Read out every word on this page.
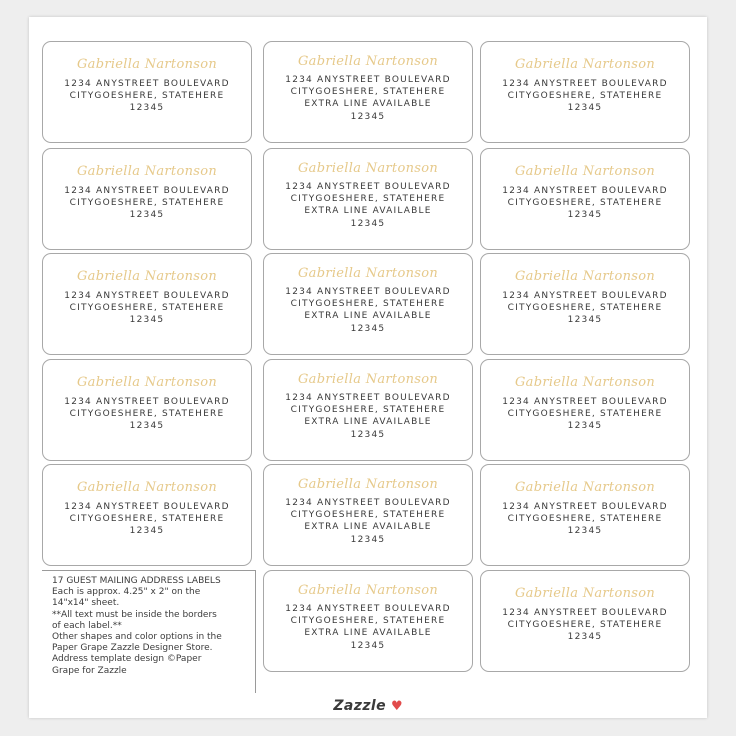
Gabriella Nartonson
1234 ANYSTREET BOULEVARD
CITYGOESHERE, STATEHERE
12345
Gabriella Nartonson
1234 ANYSTREET BOULEVARD
CITYGOESHERE, STATEHERE
EXTRA LINE AVAILABLE
12345
Gabriella Nartonson
1234 ANYSTREET BOULEVARD
CITYGOESHERE, STATEHERE
12345
Gabriella Nartonson
1234 ANYSTREET BOULEVARD
CITYGOESHERE, STATEHERE
12345
Gabriella Nartonson
1234 ANYSTREET BOULEVARD
CITYGOESHERE, STATEHERE
EXTRA LINE AVAILABLE
12345
Gabriella Nartonson
1234 ANYSTREET BOULEVARD
CITYGOESHERE, STATEHERE
12345
Gabriella Nartonson
1234 ANYSTREET BOULEVARD
CITYGOESHERE, STATEHERE
12345
Gabriella Nartonson
1234 ANYSTREET BOULEVARD
CITYGOESHERE, STATEHERE
EXTRA LINE AVAILABLE
12345
Gabriella Nartonson
1234 ANYSTREET BOULEVARD
CITYGOESHERE, STATEHERE
12345
Gabriella Nartonson
1234 ANYSTREET BOULEVARD
CITYGOESHERE, STATEHERE
12345
Gabriella Nartonson
1234 ANYSTREET BOULEVARD
CITYGOESHERE, STATEHERE
EXTRA LINE AVAILABLE
12345
Gabriella Nartonson
1234 ANYSTREET BOULEVARD
CITYGOESHERE, STATEHERE
12345
Gabriella Nartonson
1234 ANYSTREET BOULEVARD
CITYGOESHERE, STATEHERE
12345
Gabriella Nartonson
1234 ANYSTREET BOULEVARD
CITYGOESHERE, STATEHERE
EXTRA LINE AVAILABLE
12345
Gabriella Nartonson
1234 ANYSTREET BOULEVARD
CITYGOESHERE, STATEHERE
12345
Gabriella Nartonson
1234 ANYSTREET BOULEVARD
CITYGOESHERE, STATEHERE
EXTRA LINE AVAILABLE
12345
Gabriella Nartonson
1234 ANYSTREET BOULEVARD
CITYGOESHERE, STATEHERE
12345
17 GUEST MAILING ADDRESS LABELS
Each is approx. 4.25" x 2" on the
14"x14" sheet.
**All text must be inside the borders
of each label.**
Other shapes and color options in the
Paper Grape Zazzle Designer Store.
Address template design ©Paper
Grape for Zazzle
Zazzle ♥
